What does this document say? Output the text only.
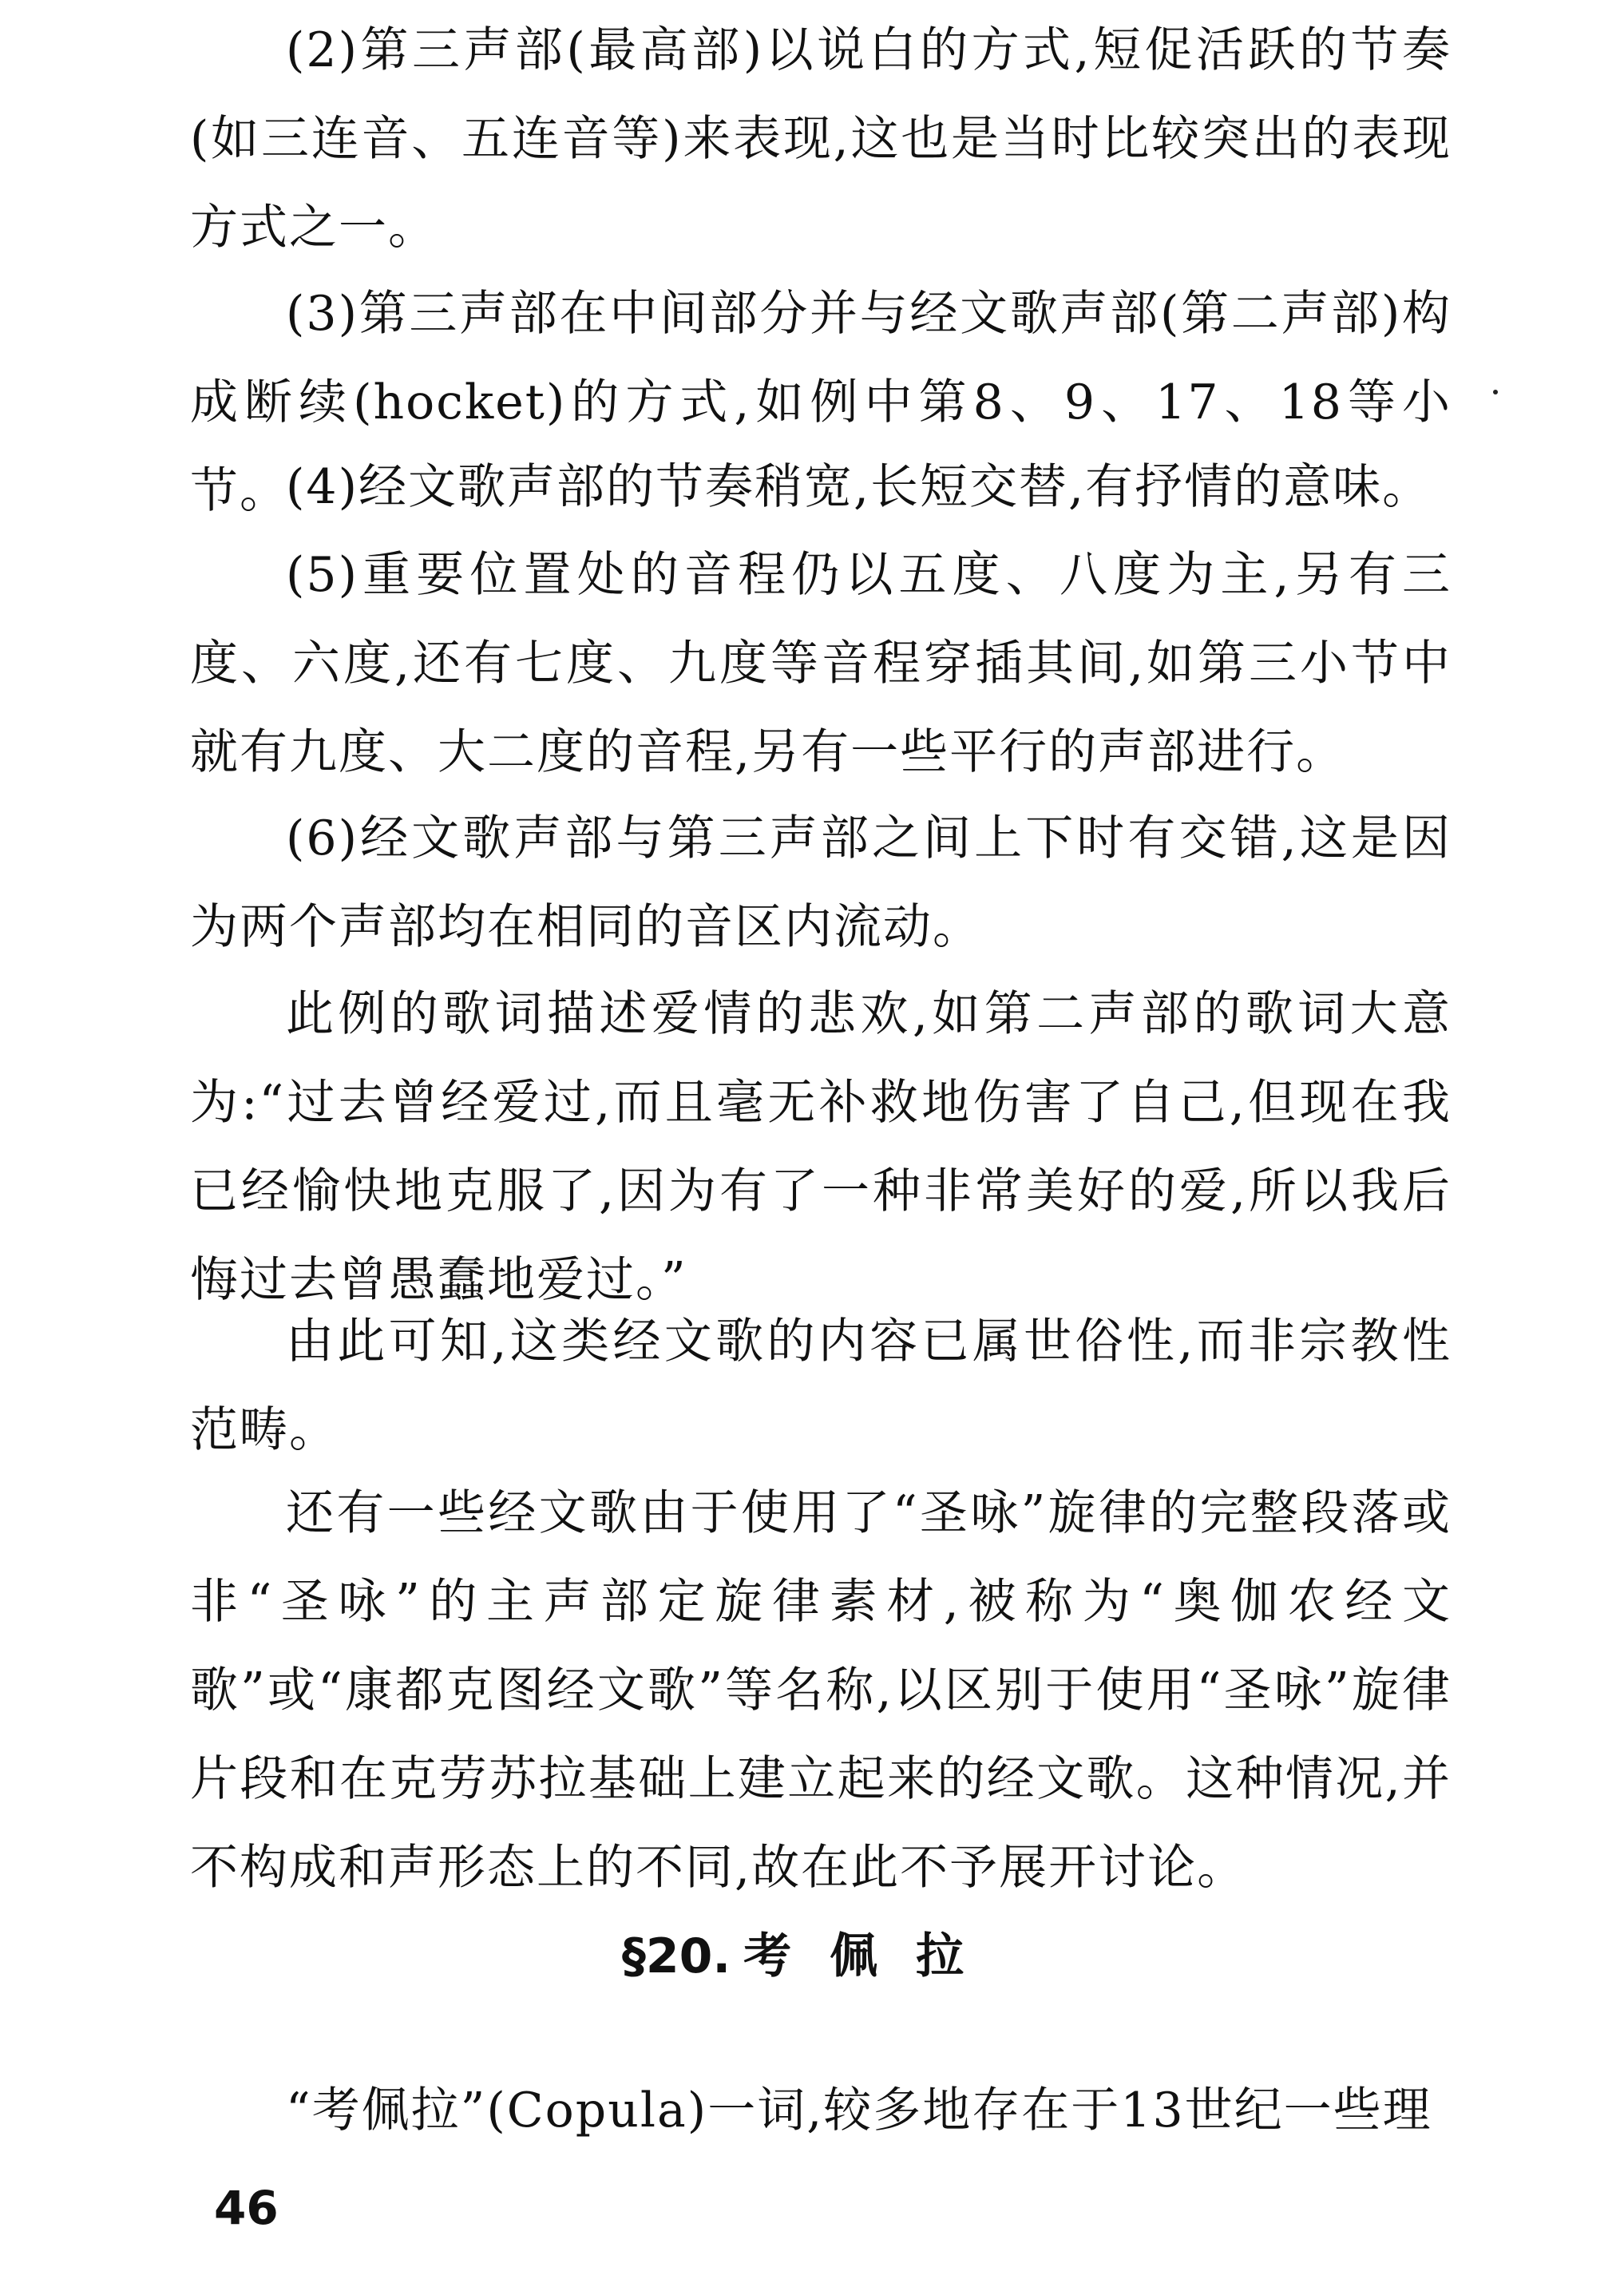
(2)第三声部(最高部)以说白的方式,短促活跃的节奏(如三连音、五连音等)来表现,这也是当时比较突出的表现方式之一。

(3)第三声部在中间部分并与经文歌声部(第二声部)构成断续(hocket)的方式,如例中第8、9、17、18等小节。

(4)经文歌声部的节奏稍宽,长短交替,有抒情的意味。

(5)重要位置处的音程仍以五度、八度为主,另有三度、六度,还有七度、九度等音程穿插其间,如第三小节中就有九度、大二度的音程,另有一些平行的声部进行。

(6)经文歌声部与第三声部之间上下时有交错,这是因为两个声部均在相同的音区内流动。

此例的歌词描述爱情的悲欢,如第二声部的歌词大意为:“过去曾经爱过,而且毫无补救地伤害了自己,但现在我已经愉快地克服了,因为有了一种非常美好的爱,所以我后悔过去曾愚蠢地爱过。”

由此可知,这类经文歌的内容已属世俗性,而非宗教性范畴。

还有一些经文歌由于使用了“圣咏”旋律的完整段落或非“圣咏”的主声部定旋律素材,被称为“奥伽农经文歌”或“康都克图经文歌”等名称,以区别于使用“圣咏”旋律片段和在克劳苏拉基础上建立起来的经文歌。这种情况,并不构成和声形态上的不同,故在此不予展开讨论。

§20. 考佩拉

“考佩拉”(Copula)一词,较多地存在于13世纪一些理

46
